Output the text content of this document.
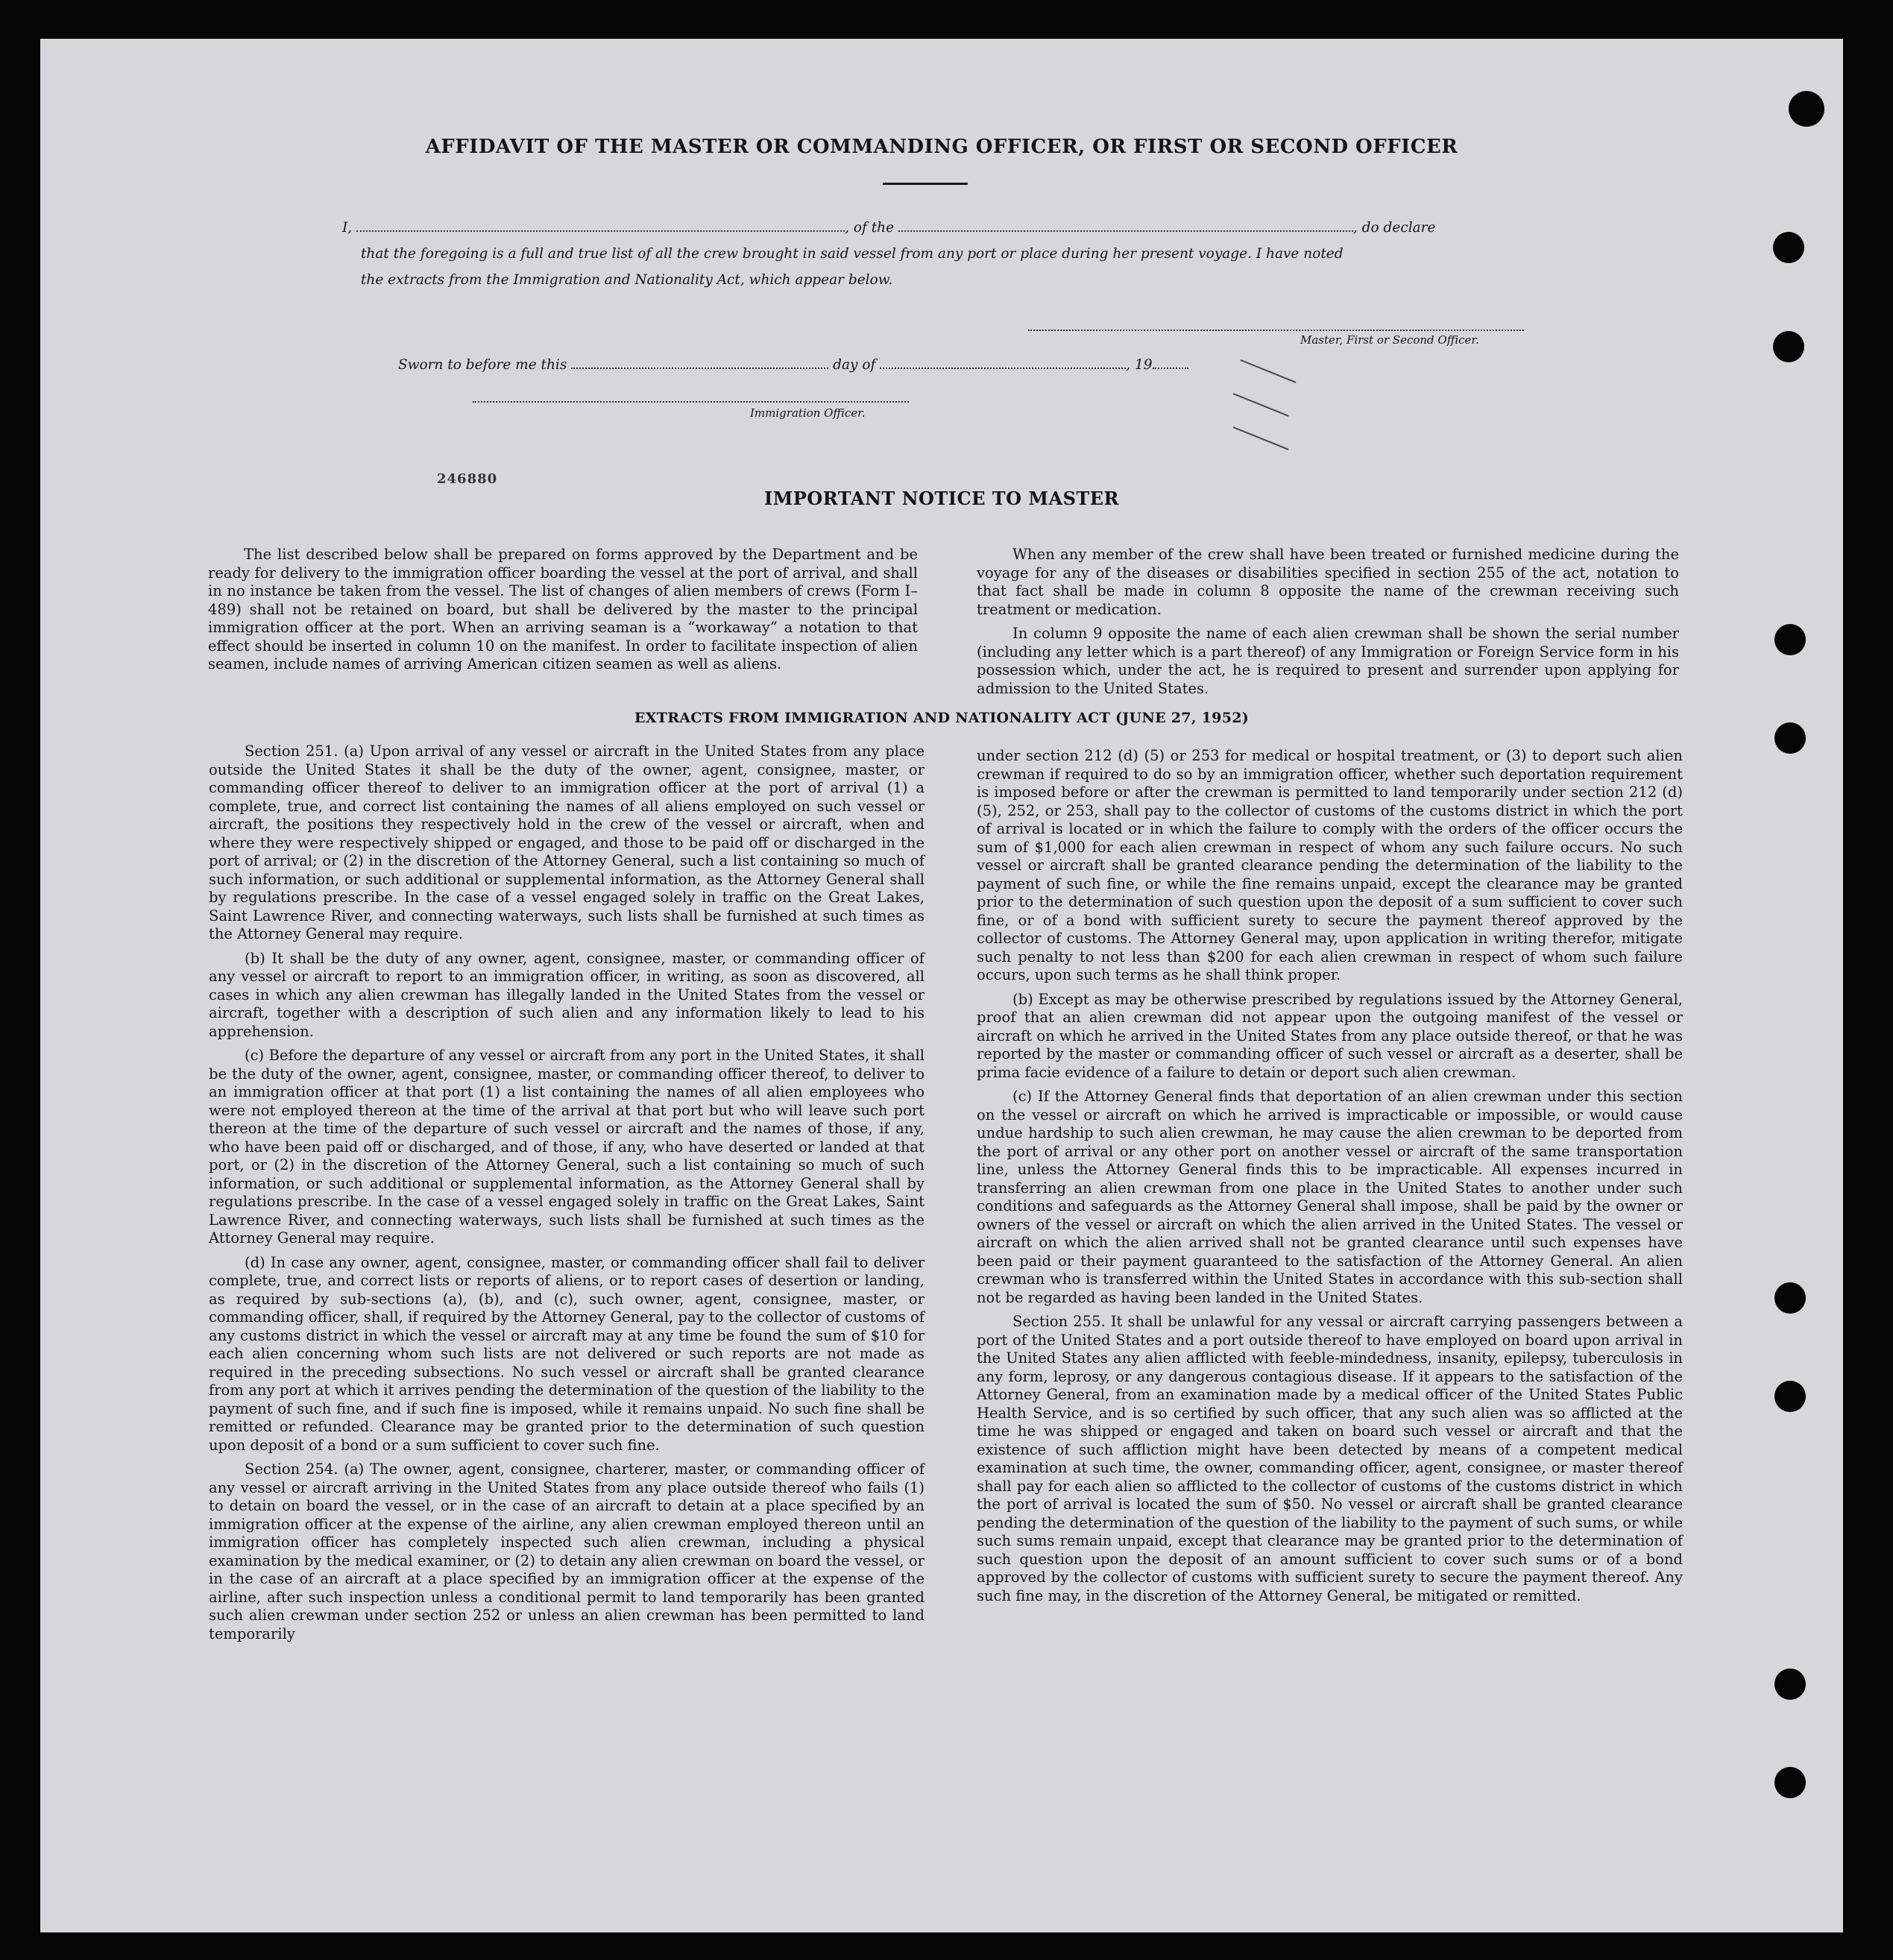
AFFIDAVIT OF THE MASTER OR COMMANDING OFFICER, OR FIRST OR SECOND OFFICER
I,	, of the	, do declare
that the foregoing is a full and true list of all the crew brought in said vessel from any port or place during her present voyage. I have noted
the extracts from the Immigration and Nationality Act, which appear below.
Master, First or Second Officer.
Sworn to before me this	day of	, 19
Immigration Officer.
246880
IMPORTANT NOTICE TO MASTER

The list described below shall be prepared on forms approved by the Department and be ready for delivery to the immigration officer boarding the vessel at the port of arrival, and shall in no instance be taken from the vessel. The list of changes of alien members of crews (Form I–489) shall not be retained on board, but shall be delivered by the master to the principal immigration officer at the port. When an arriving seaman is a “workaway” a notation to that effect should be inserted in column 10 on the manifest. In order to facilitate inspection of alien seamen, include names of arriving American citizen seamen as well as aliens.

When any member of the crew shall have been treated or furnished medicine during the voyage for any of the diseases or disabilities specified in section 255 of the act, notation to that fact shall be made in column 8 opposite the name of the crewman receiving such treatment or medication.

In column 9 opposite the name of each alien crewman shall be shown the serial number (including any letter which is a part thereof) of any Immigration or Foreign Service form in his possession which, under the act, he is required to present and surrender upon applying for admission to the United States.

EXTRACTS FROM IMMIGRATION AND NATIONALITY ACT (JUNE 27, 1952)

Section 251. (a) Upon arrival of any vessel or aircraft in the United States from any place outside the United States it shall be the duty of the owner, agent, consignee, master, or commanding officer thereof to deliver to an immigration officer at the port of arrival (1) a complete, true, and correct list containing the names of all aliens employed on such vessel or aircraft, the positions they respectively hold in the crew of the vessel or aircraft, when and where they were respectively shipped or engaged, and those to be paid off or discharged in the port of arrival; or (2) in the discretion of the Attorney General, such a list containing so much of such information, or such additional or supplemental information, as the Attorney General shall by regulations prescribe. In the case of a vessel engaged solely in traffic on the Great Lakes, Saint Lawrence River, and connecting waterways, such lists shall be furnished at such times as the Attorney General may require.

(b) It shall be the duty of any owner, agent, consignee, master, or commanding officer of any vessel or aircraft to report to an immigration officer, in writing, as soon as discovered, all cases in which any alien crewman has illegally landed in the United States from the vessel or aircraft, together with a description of such alien and any information likely to lead to his apprehension.

(c) Before the departure of any vessel or aircraft from any port in the United States, it shall be the duty of the owner, agent, consignee, master, or commanding officer thereof, to deliver to an immigration officer at that port (1) a list containing the names of all alien employees who were not employed thereon at the time of the arrival at that port but who will leave such port thereon at the time of the departure of such vessel or aircraft and the names of those, if any, who have been paid off or discharged, and of those, if any, who have deserted or landed at that port, or (2) in the discretion of the Attorney General, such a list containing so much of such information, or such additional or supplemental information, as the Attorney General shall by regulations prescribe. In the case of a vessel engaged solely in traffic on the Great Lakes, Saint Lawrence River, and connecting waterways, such lists shall be furnished at such times as the Attorney General may require.

(d) In case any owner, agent, consignee, master, or commanding officer shall fail to deliver complete, true, and correct lists or reports of aliens, or to report cases of desertion or landing, as required by sub-sections (a), (b), and (c), such owner, agent, consignee, master, or commanding officer, shall, if required by the Attorney General, pay to the collector of customs of any customs district in which the vessel or aircraft may at any time be found the sum of $10 for each alien concerning whom such lists are not delivered or such reports are not made as required in the preceding subsections. No such vessel or aircraft shall be granted clearance from any port at which it arrives pending the determination of the question of the liability to the payment of such fine, and if such fine is imposed, while it remains unpaid. No such fine shall be remitted or refunded. Clearance may be granted prior to the determination of such question upon deposit of a bond or a sum sufficient to cover such fine.

Section 254. (a) The owner, agent, consignee, charterer, master, or commanding officer of any vessel or aircraft arriving in the United States from any place outside thereof who fails (1) to detain on board the vessel, or in the case of an aircraft to detain at a place specified by an immigration officer at the expense of the airline, any alien crewman employed thereon until an immigration officer has completely inspected such alien crewman, including a physical examination by the medical examiner, or (2) to detain any alien crewman on board the vessel, or in the case of an aircraft at a place specified by an immigration officer at the expense of the airline, after such inspection unless a conditional permit to land temporarily has been granted such alien crewman under section 252 or unless an alien crewman has been permitted to land temporarily

under section 212 (d) (5) or 253 for medical or hospital treatment, or (3) to deport such alien crewman if required to do so by an immigration officer, whether such deportation requirement is imposed before or after the crewman is permitted to land temporarily under section 212 (d) (5), 252, or 253, shall pay to the collector of customs of the customs district in which the port of arrival is located or in which the failure to comply with the orders of the officer occurs the sum of $1,000 for each alien crewman in respect of whom any such failure occurs. No such vessel or aircraft shall be granted clearance pending the determination of the liability to the payment of such fine, or while the fine remains unpaid, except the clearance may be granted prior to the determination of such question upon the deposit of a sum sufficient to cover such fine, or of a bond with sufficient surety to secure the payment thereof approved by the collector of customs. The Attorney General may, upon application in writing therefor, mitigate such penalty to not less than $200 for each alien crewman in respect of whom such failure occurs, upon such terms as he shall think proper.

(b) Except as may be otherwise prescribed by regulations issued by the Attorney General, proof that an alien crewman did not appear upon the outgoing manifest of the vessel or aircraft on which he arrived in the United States from any place outside thereof, or that he was reported by the master or commanding officer of such vessel or aircraft as a deserter, shall be prima facie evidence of a failure to detain or deport such alien crewman.

(c) If the Attorney General finds that deportation of an alien crewman under this section on the vessel or aircraft on which he arrived is impracticable or impossible, or would cause undue hardship to such alien crewman, he may cause the alien crewman to be deported from the port of arrival or any other port on another vessel or aircraft of the same transportation line, unless the Attorney General finds this to be impracticable. All expenses incurred in transferring an alien crewman from one place in the United States to another under such conditions and safeguards as the Attorney General shall impose, shall be paid by the owner or owners of the vessel or aircraft on which the alien arrived in the United States. The vessel or aircraft on which the alien arrived shall not be granted clearance until such expenses have been paid or their payment guaranteed to the satisfaction of the Attorney General. An alien crewman who is transferred within the United States in accordance with this sub-section shall not be regarded as having been landed in the United States.

Section 255. It shall be unlawful for any vessal or aircraft carrying passengers between a port of the United States and a port outside thereof to have employed on board upon arrival in the United States any alien afflicted with feeble-mindedness, insanity, epilepsy, tuberculosis in any form, leprosy, or any dangerous contagious disease. If it appears to the satisfaction of the Attorney General, from an examination made by a medical officer of the United States Public Health Service, and is so certified by such officer, that any such alien was so afflicted at the time he was shipped or engaged and taken on board such vessel or aircraft and that the existence of such affliction might have been detected by means of a competent medical examination at such time, the owner, commanding officer, agent, consignee, or master thereof shall pay for each alien so afflicted to the collector of customs of the customs district in which the port of arrival is located the sum of $50. No vessel or aircraft shall be granted clearance pending the determination of the question of the liability to the payment of such sums, or while such sums remain unpaid, except that clearance may be granted prior to the determination of such question upon the deposit of an amount sufficient to cover such sums or of a bond approved by the collector of customs with sufficient surety to secure the payment thereof. Any such fine may, in the discretion of the Attorney General, be mitigated or remitted.
